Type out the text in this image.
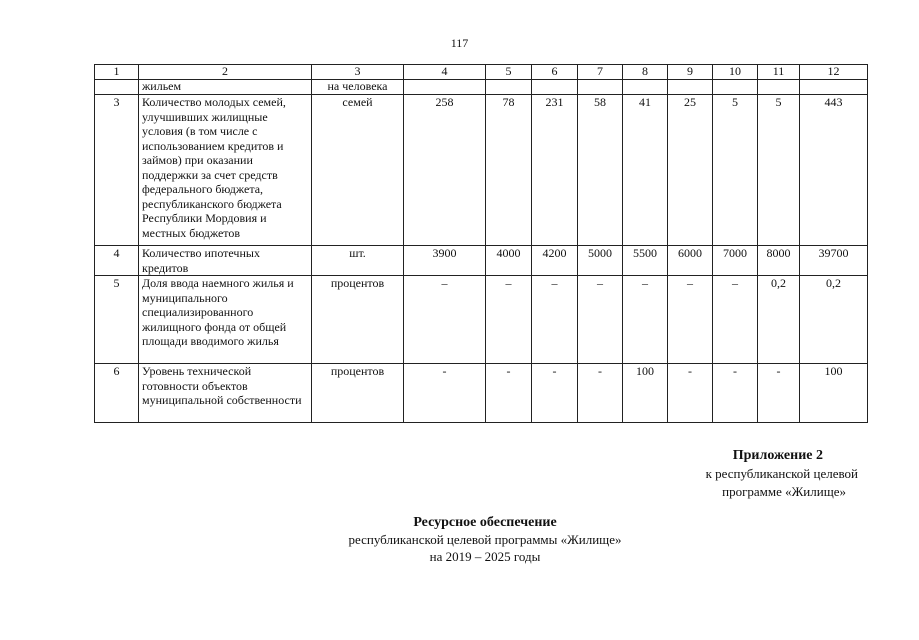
117
1	2	3	4	5	6	7	8	9	10	11	12
	жильем	на человека									
3	Количество молодых семей, улучшивших жилищные условия (в том числе с использованием кредитов и займов) при оказании поддержки за счет средств федерального бюджета, республиканского бюджета Республики Мордовия и местных бюджетов	семей	258	78	231	58	41	25	5	5	443
4	Количество ипотечных кредитов	шт.	3900	4000	4200	5000	5500	6000	7000	8000	39700
5	Доля ввода наемного жилья и муниципального специализированного жилищного фонда от общей площади вводимого жилья	процентов	–	–	–	–	–	–	–	0,2	0,2
6	Уровень технической готовности объектов муниципальной собственности	процентов	-	-	-	-	100	-	-	-	100
Приложение 2
к республиканской целевой
программе «Жилище»
Ресурсное обеспечение
республиканской целевой программы «Жилище»
на 2019 – 2025 годы
